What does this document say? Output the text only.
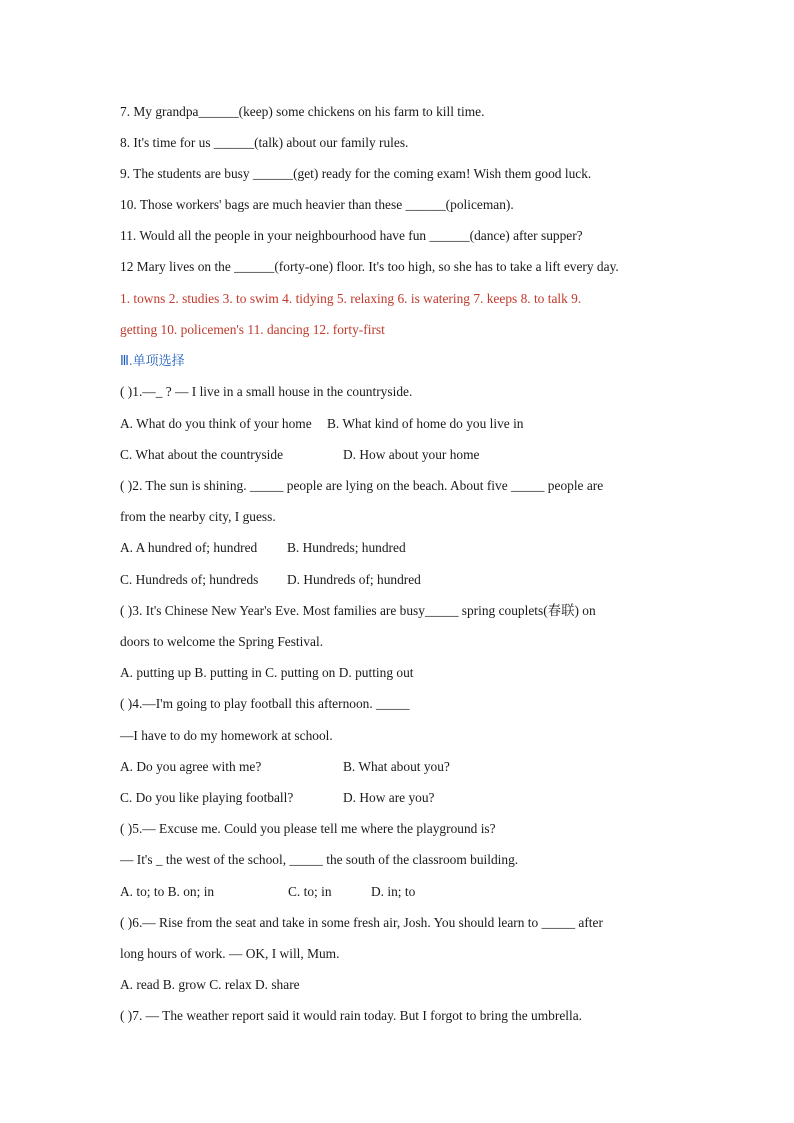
7. My grandpa______(keep) some chickens on his farm to kill time.
8. It's time for us ______(talk) about our family rules.
9. The students are busy ______(get) ready for the coming exam! Wish them good luck.
10. Those workers' bags are much heavier than these ______(policeman).
11. Would all the people in your neighbourhood have fun ______(dance) after supper?
12 Mary lives on the ______(forty-one) floor. It's too high, so she has to take a lift every day.
1. towns 2. studies 3. to swim 4. tidying 5. relaxing 6. is watering 7. keeps 8. to talk 9.
getting 10. policemen's 11. dancing 12. forty-first
Ⅲ.单项选择
( )1.—_ ? — I live in a small house in the countryside.
A. What do you think of your home B. What kind of home do you live in
C. What about the countryside	D. How about your home
( )2. The sun is shining. _____ people are lying on the beach. About five _____ people are
from the nearby city, I guess.
A. A hundred of; hundred B. Hundreds; hundred
C. Hundreds of; hundreds D. Hundreds of; hundred
( )3. It's Chinese New Year's Eve. Most families are busy_____ spring couplets(春联) on
doors to welcome the Spring Festival.
A. putting up B. putting in C. putting on D. putting out
( )4.—I'm going to play football this afternoon. _____
—I have to do my homework at school.
A. Do you agree with me?	B. What about you?
C. Do you like playing football?	D. How are you?
( )5.— Excuse me. Could you please tell me where the playground is?
— It's _ the west of the school, _____ the south of the classroom building.
A. to; to B. on; in	C. to; in	D. in; to
( )6.— Rise from the seat and take in some fresh air, Josh. You should learn to _____ after
long hours of work. — OK, I will, Mum.
A. read B. grow C. relax D. share
( )7. — The weather report said it would rain today. But I forgot to bring the umbrella.
